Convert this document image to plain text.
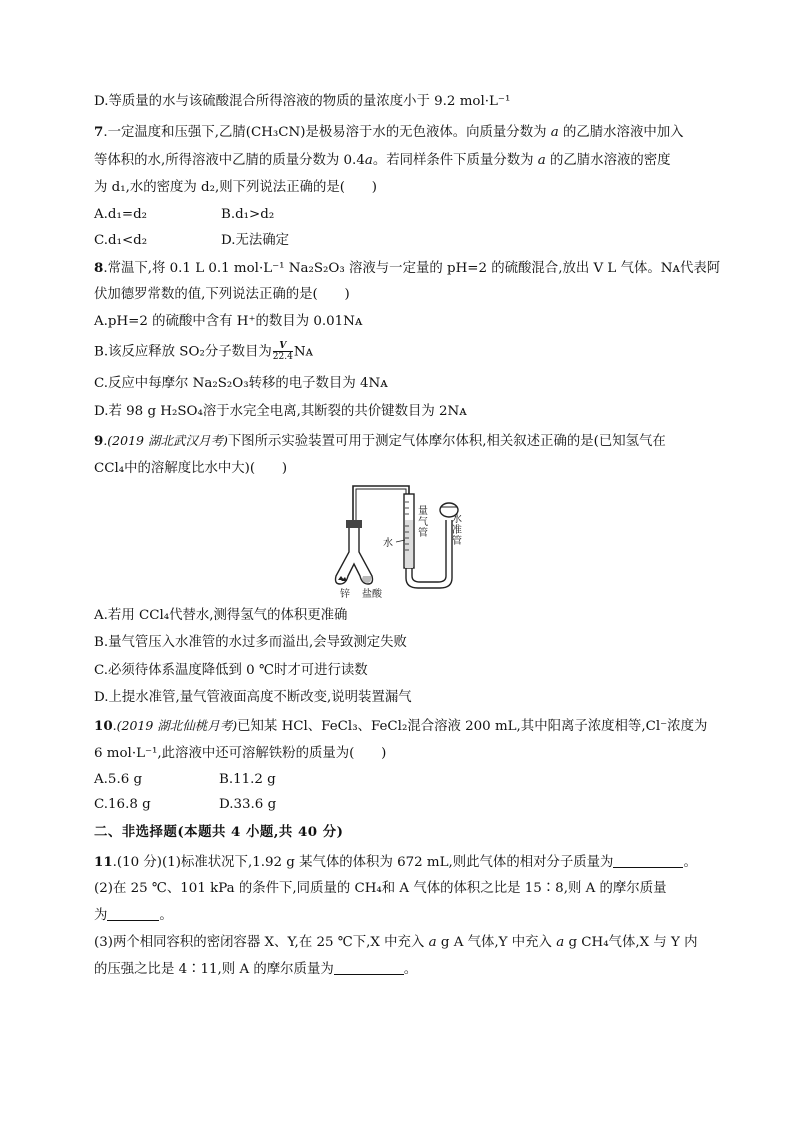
D.等质量的水与该硫酸混合所得溶液的物质的量浓度小于 9.2 mol·L⁻¹
7.一定温度和压强下,乙腈(CH₃CN)是极易溶于水的无色液体。向质量分数为 a 的乙腈水溶液中加入
等体积的水,所得溶液中乙腈的质量分数为 0.4a。若同样条件下质量分数为 a 的乙腈水溶液的密度
为 d₁,水的密度为 d₂,则下列说法正确的是(　　)
A.d₁=d₂	B.d₁>d₂
C.d₁<d₂	D.无法确定
8.常温下,将 0.1 L 0.1 mol·L⁻¹ Na₂S₂O₃ 溶液与一定量的 pH=2 的硫酸混合,放出 V L 气体。Nᴀ代表阿
伏加德罗常数的值,下列说法正确的是(　　)
A.pH=2 的硫酸中含有 H⁺的数目为 0.01Nᴀ
B.该反应释放 SO₂分子数目为 $\frac{V}{22.4}$ Nᴀ
C.反应中每摩尔 Na₂S₂O₃转移的电子数目为 4Nᴀ
D.若 98 g H₂SO₄溶于水完全电离,其断裂的共价键数目为 2Nᴀ
9.(2019 湖北武汉月考)下图所示实验装置可用于测定气体摩尔体积,相关叙述正确的是(已知氢气在
CCl₄中的溶解度比水中大)(　　)
水
锌 盐酸
量气管
水准管
A.若用 CCl₄代替水,测得氢气的体积更准确
B.量气管压入水准管的水过多而溢出,会导致测定失败
C.必须待体系温度降低到 0 ℃时才可进行读数
D.上提水准管,量气管液面高度不断改变,说明装置漏气
10.(2019 湖北仙桃月考)已知某 HCl、FeCl₃、FeCl₂混合溶液 200 mL,其中阳离子浓度相等,Cl⁻浓度为
6 mol·L⁻¹,此溶液中还可溶解铁粉的质量为(　　)
A.5.6 g	B.11.2 g
C.16.8 g	D.33.6 g
二、非选择题(本题共 4 小题,共 40 分)
11.(10 分)(1)标准状况下,1.92 g 某气体的体积为 672 mL,则此气体的相对分子质量为	。
(2)在 25 ℃、101 kPa 的条件下,同质量的 CH₄和 A 气体的体积之比是 15∶8,则 A 的摩尔质量
为	。
(3)两个相同容积的密闭容器 X、Y,在 25 ℃下,X 中充入 a g A 气体,Y 中充入 a g CH₄气体,X 与 Y 内
的压强之比是 4∶11,则 A 的摩尔质量为	。
